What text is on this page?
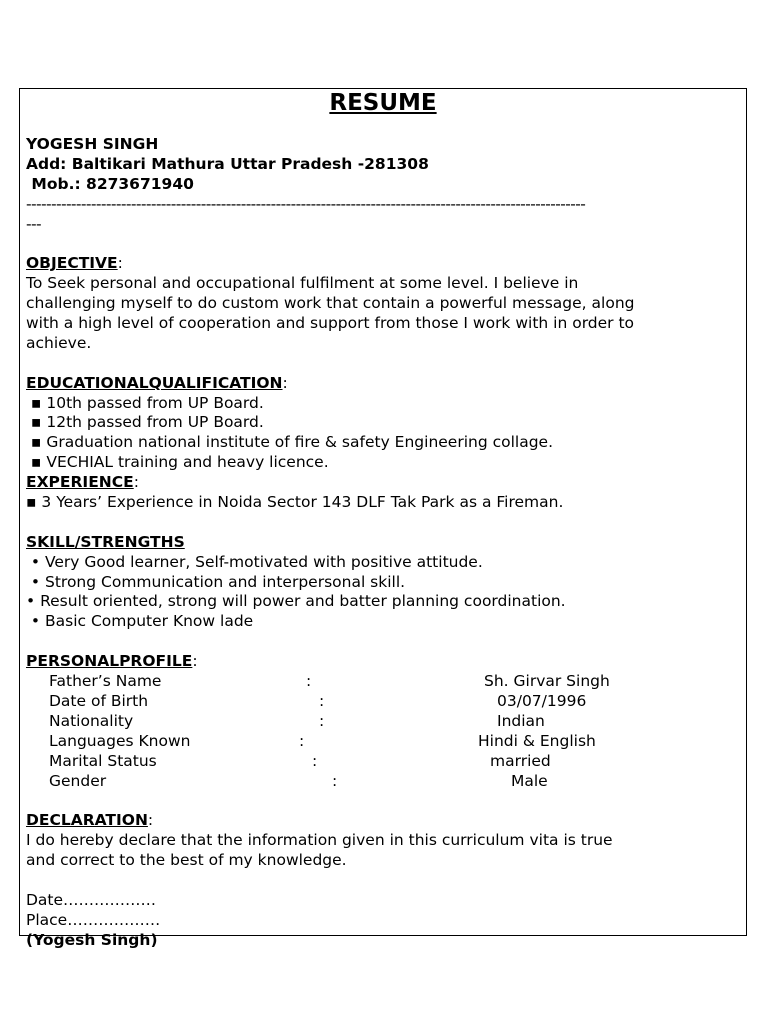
RESUME
YOGESH SINGH
Add: Baltikari Mathura Uttar Pradesh -281308
Mob.: 8273671940
----------------------------------------------------------------------------------------------------------------
---
OBJECTIVE:
To Seek personal and occupational fulfilment at some level. I believe in
challenging myself to do custom work that contain a powerful message, along
with a high level of cooperation and support from those I work with in order to
achieve.
EDUCATIONALQUALIFICATION:
▪ 10th passed from UP Board.
▪ 12th passed from UP Board.
▪ Graduation national institute of fire & safety Engineering collage.
▪ VECHIAL training and heavy licence.
EXPERIENCE:
▪ 3 Years’ Experience in Noida Sector 143 DLF Tak Park as a Fireman.
SKILL/STRENGTHS
• Very Good learner, Self-motivated with positive attitude.
• Strong Communication and interpersonal skill.
• Result oriented, strong will power and batter planning coordination.
• Basic Computer Know lade
PERSONALPROFILE:
Father’s Name	:	Sh. Girvar Singh
Date of Birth	:	03/07/1996
Nationality	:	Indian
Languages Known	:	Hindi & English
Marital Status	:	married
Gender	:	Male
DECLARATION:
I do hereby declare that the information given in this curriculum vita is true
and correct to the best of my knowledge.
Date………………
Place………………
(Yogesh Singh)
